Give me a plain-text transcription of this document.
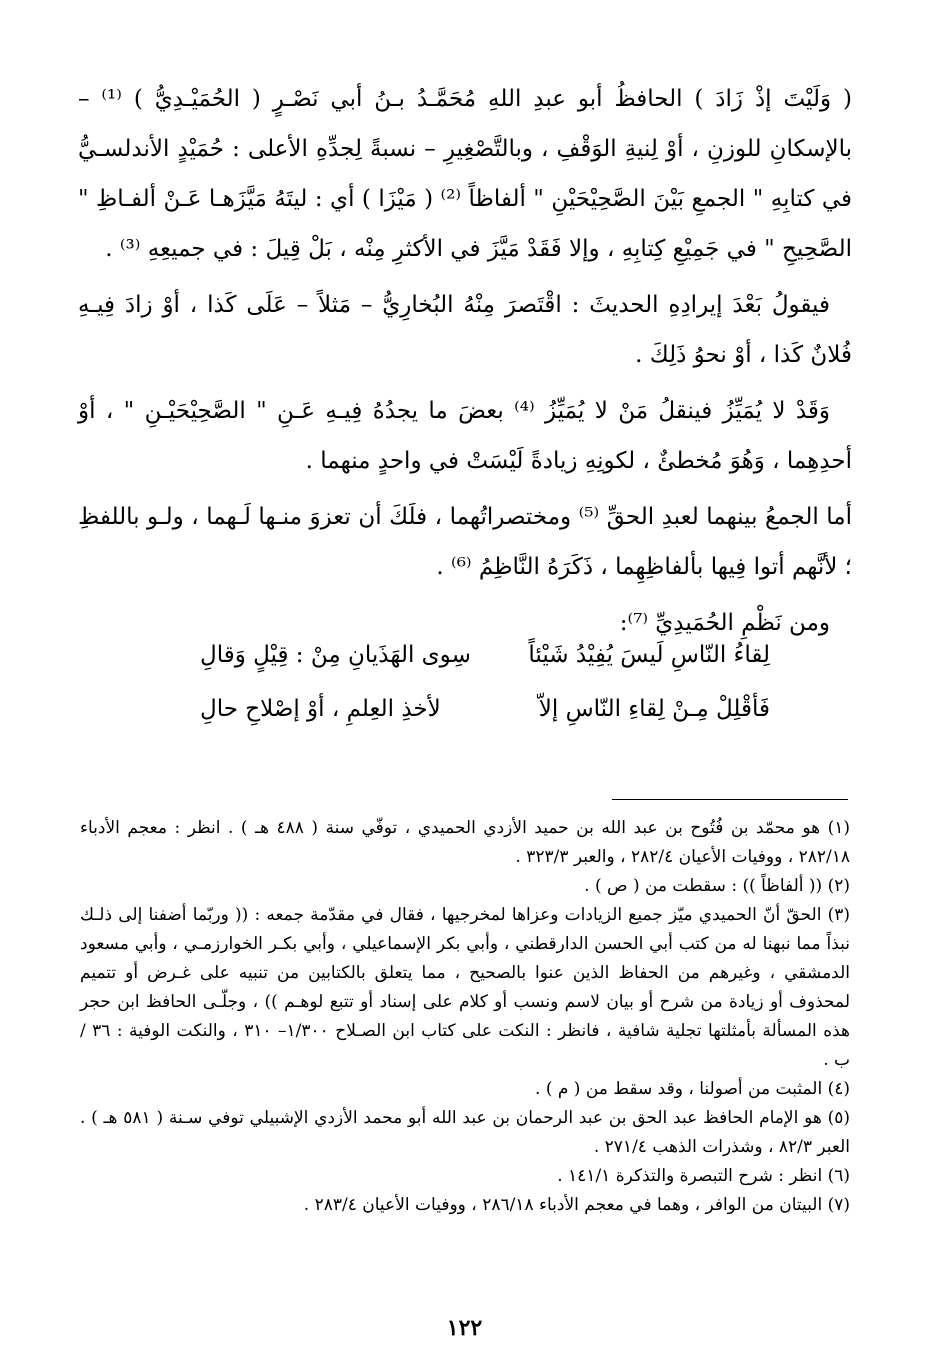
( وَلَيْتَ إذْ زَادَ ) الحافظُ أبو عبدِ اللهِ مُحَمَّـدُ بـنُ أبي نَصْـرٍ ( الحُمَيْـدِيُّ ) ⁽¹⁾ – بالإسكانِ للوزنِ ، أوْ لِنيةِ الوَقْفِ ، وبالتَّصْغِيرِ – نسبةً لِجدِّهِ الأعلى : حُمَيْدٍ الأندلسـيُّ في كتابِهِ " الجمعِ بَيْنَ الصَّحِيْحَيْنِ " ألفاظاً ⁽²⁾ ( مَيْزَا ) أي : ليتَهُ مَيَّزَهـا عَـنْ ألفـاظِ " الصَّحِيحِ " في جَمِيْعِ كِتابِهِ ، وإلا فَقَدْ مَيَّزَ في الأكثرِ مِنْه ، بَلْ قِيلَ : في جميعِهِ ⁽³⁾ .

فيقولُ بَعْدَ إيرادِهِ الحديثَ : اقْتَصرَ مِنْهُ البُخارِيُّ – مَثلاً – عَلَى كَذا ، أوْ زادَ فِيـهِ فُلانٌ كَذا ، أوْ نحوُ ذَلِكَ .

وَقَدْ لا يُمَيِّزُ فينقلُ مَنْ لا يُمَيِّزُ ⁽⁴⁾ بعضَ ما يجدُهُ فِيـهِ عَـنِ " الصَّحِيْحَيْـنِ " ، أوْ أحدِهِما ، وَهُوَ مُخطئٌ ، لكونِهِ زيادةً لَيْسَتْ في واحدٍ منهما .

أما الجمعُ بينهما لعبدِ الحقِّ ⁽⁵⁾ ومختصراتُهما ، فلَكَ أن تعزوَ منـها لَـهما ، ولـو باللفظِ ؛ لأنَّهم أتوا فِيها بألفاظِهِما ، ذَكَرَهُ النَّاظِمُ ⁽⁶⁾ .

ومن نَظْمِ الحُمَيدِيِّ ⁽⁷⁾:

لِقاءُ النّاسِ لَيسَ يُفِيْدُ شَيْئاً
سِوى الهَذَيانِ مِنْ : قِيْلٍ وَقالِ
فَأقْلِلْ مِـنْ لِقاءِ النّاسِ إلاّ
لأخذِ العِلمِ ، أوْ إصْلاحِ حالِ

(١) هو محمّد بن فُتُوح بن عبد الله بن حميد الأزدي الحميدي ، توفّي سنة ( ٤٨٨ هـ ) . انظر : معجم الأدباء ٢٨٢/١٨ ، ووفيات الأعيان ٢٨٢/٤ ، والعبر ٣٢٣/٣ .

(٢) (( ألفاظاً )) : سقطت من ( ص ) .

(٣) الحقّ أنّ الحميدي ميّز جميع الزيادات وعزاها لمخرجيها ، فقال في مقدّمة جمعه : (( وربّما أضفنا إلى ذلـك نبذاً مما نبهنا له من كتب أبي الحسن الدارقطني ، وأبي بكر الإسماعيلي ، وأبي بكـر الخوارزمـي ، وأبي مسعود الدمشقي ، وغيرهم من الحفاظ الذين عنوا بالصحيح ، مما يتعلق بالكتابين من تنبيه على غـرض أو تتميم لمحذوف أو زيادة من شرح أو بيان لاسم ونسب أو كلام على إسناد أو تتبع لوهـم )) ، وجلّـى الحافظ ابن حجر هذه المسألة بأمثلتها تجلية شافية ، فانظر : النكت على كتاب ابن الصـلاح ١/٣٠٠– ٣١٠ ، والنكت الوفية : ٣٦ / ب .

(٤) المثبت من أصولنا ، وقد سقط من ( م ) .

(٥) هو الإمام الحافظ عبد الحق بن عبد الرحمان بن عبد الله أبو محمد الأزدي الإشبيلي توفي سـنة ( ٥٨١ هـ ) . العبر ٨٢/٣ ، وشذرات الذهب ٢٧١/٤ .

(٦) انظر : شرح التبصرة والتذكرة ١٤١/١ .

(٧) البيتان من الوافر ، وهما في معجم الأدباء ٢٨٦/١٨ ، ووفيات الأعيان ٢٨٣/٤ .

١٢٢
